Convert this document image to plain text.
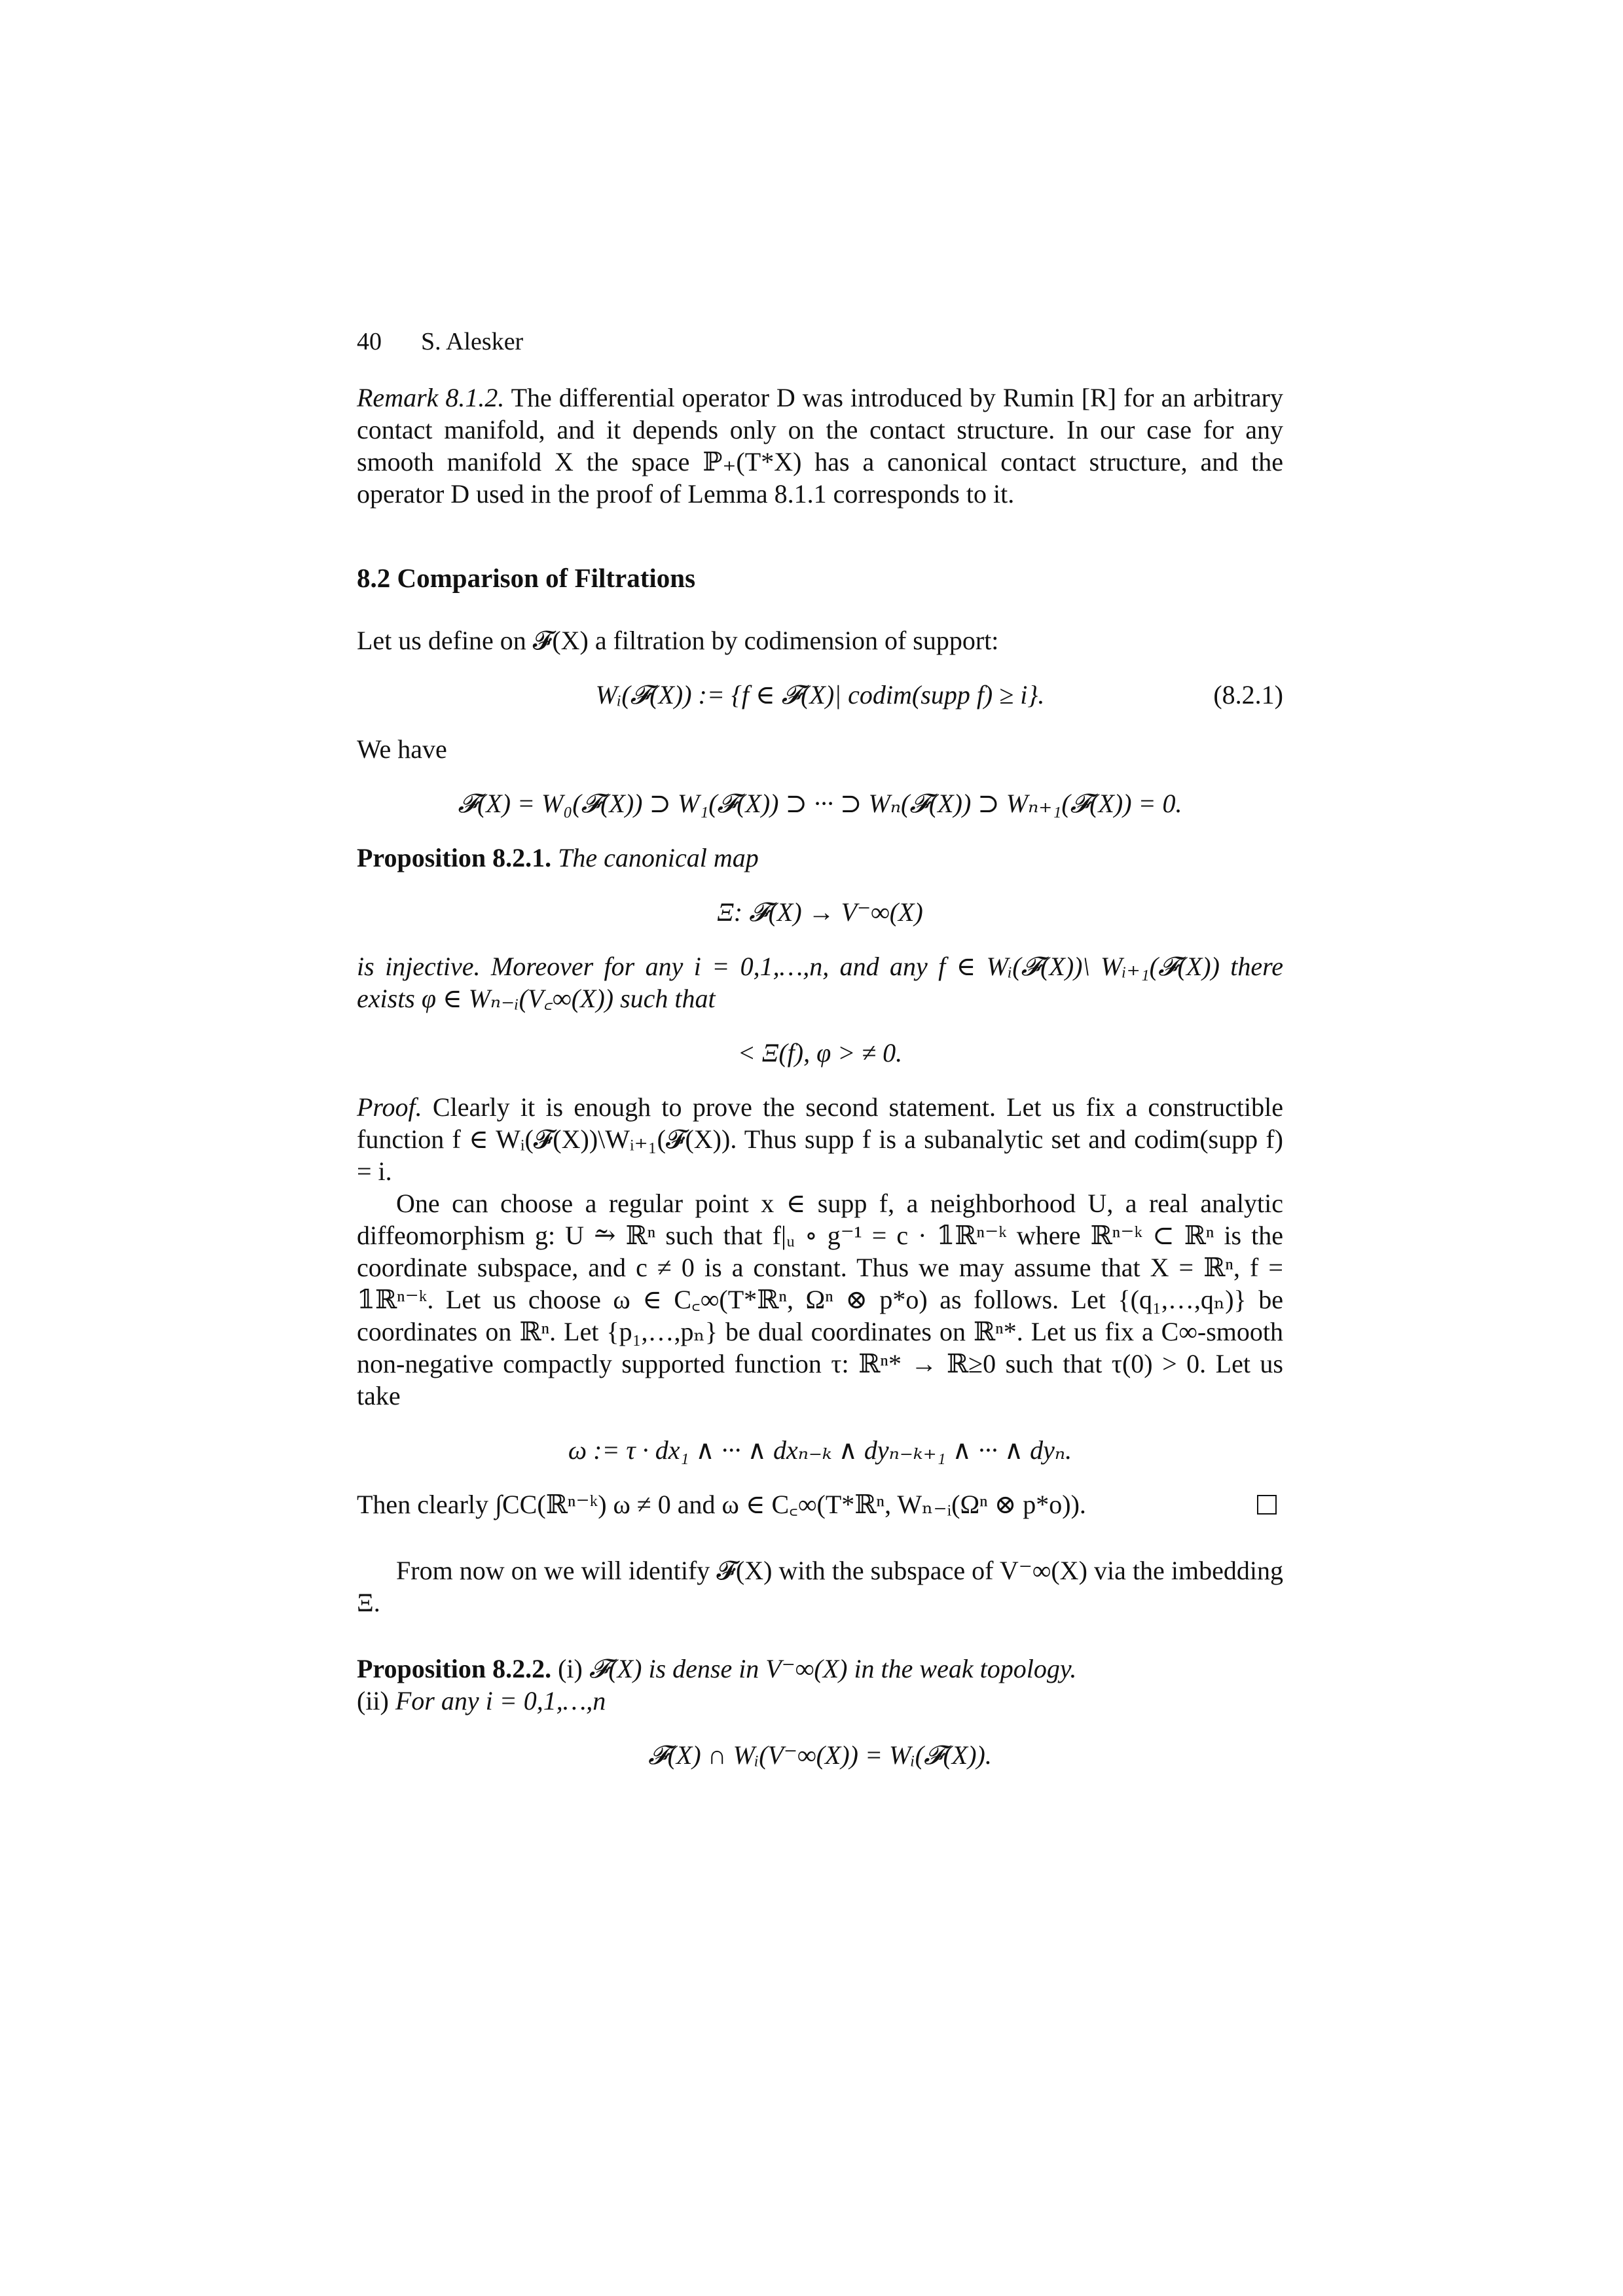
40 S. Alesker

Remark 8.1.2. The differential operator D was introduced by Rumin [R] for an arbitrary contact manifold, and it depends only on the contact structure. In our case for any smooth manifold X the space ℙ₊(T*X) has a canonical contact structure, and the operator D used in the proof of Lemma 8.1.1 corresponds to it.

8.2 Comparison of Filtrations

Let us define on 𝓕(X) a filtration by codimension of support:

Wᵢ(𝓕(X)) := {f ∈ 𝓕(X)| codim(supp f) ≥ i}.	(8.2.1)

We have

𝓕(X) = W₀(𝓕(X)) ⊃ W₁(𝓕(X)) ⊃ ··· ⊃ Wₙ(𝓕(X)) ⊃ Wₙ₊₁(𝓕(X)) = 0.

Proposition 8.2.1. The canonical map

Ξ: 𝓕(X) → V⁻∞(X)

is injective. Moreover for any i = 0,1,…,n, and any f ∈ Wᵢ(𝓕(X))\ Wᵢ₊₁(𝓕(X)) there exists φ ∈ Wₙ₋ᵢ(V꜀∞(X)) such that

< Ξ(f), φ > ≠ 0.

Proof. Clearly it is enough to prove the second statement. Let us fix a constructible function f ∈ Wᵢ(𝓕(X))\Wᵢ₊₁(𝓕(X)). Thus supp f is a subanalytic set and codim(supp f) = i.

One can choose a regular point x ∈ supp f, a neighborhood U, a real analytic diffeomorphism g: U ⥲ ℝⁿ such that f|ᵤ ∘ g⁻¹ = c · 𝟙ℝⁿ⁻ᵏ where ℝⁿ⁻ᵏ ⊂ ℝⁿ is the coordinate subspace, and c ≠ 0 is a constant. Thus we may assume that X = ℝⁿ, f = 𝟙ℝⁿ⁻ᵏ. Let us choose ω ∈ C꜀∞(T*ℝⁿ, Ωⁿ ⊗ p*o) as follows. Let {(q₁,…,qₙ)} be coordinates on ℝⁿ. Let {p₁,…,pₙ} be dual coordinates on ℝⁿ*. Let us fix a C∞-smooth non-negative compactly supported function τ: ℝⁿ* → ℝ≥0 such that τ(0) > 0. Let us take

ω := τ · dx₁ ∧ ··· ∧ dxₙ₋ₖ ∧ dyₙ₋ₖ₊₁ ∧ ··· ∧ dyₙ.

Then clearly ∫CC(ℝⁿ⁻ᵏ) ω ≠ 0 and ω ∈ C꜀∞(T*ℝⁿ, Wₙ₋ᵢ(Ωⁿ ⊗ p*o)).

From now on we will identify 𝓕(X) with the subspace of V⁻∞(X) via the imbedding Ξ.

Proposition 8.2.2. (i) 𝓕(X) is dense in V⁻∞(X) in the weak topology.
(ii) For any i = 0,1,…,n

𝓕(X) ∩ Wᵢ(V⁻∞(X)) = Wᵢ(𝓕(X)).
